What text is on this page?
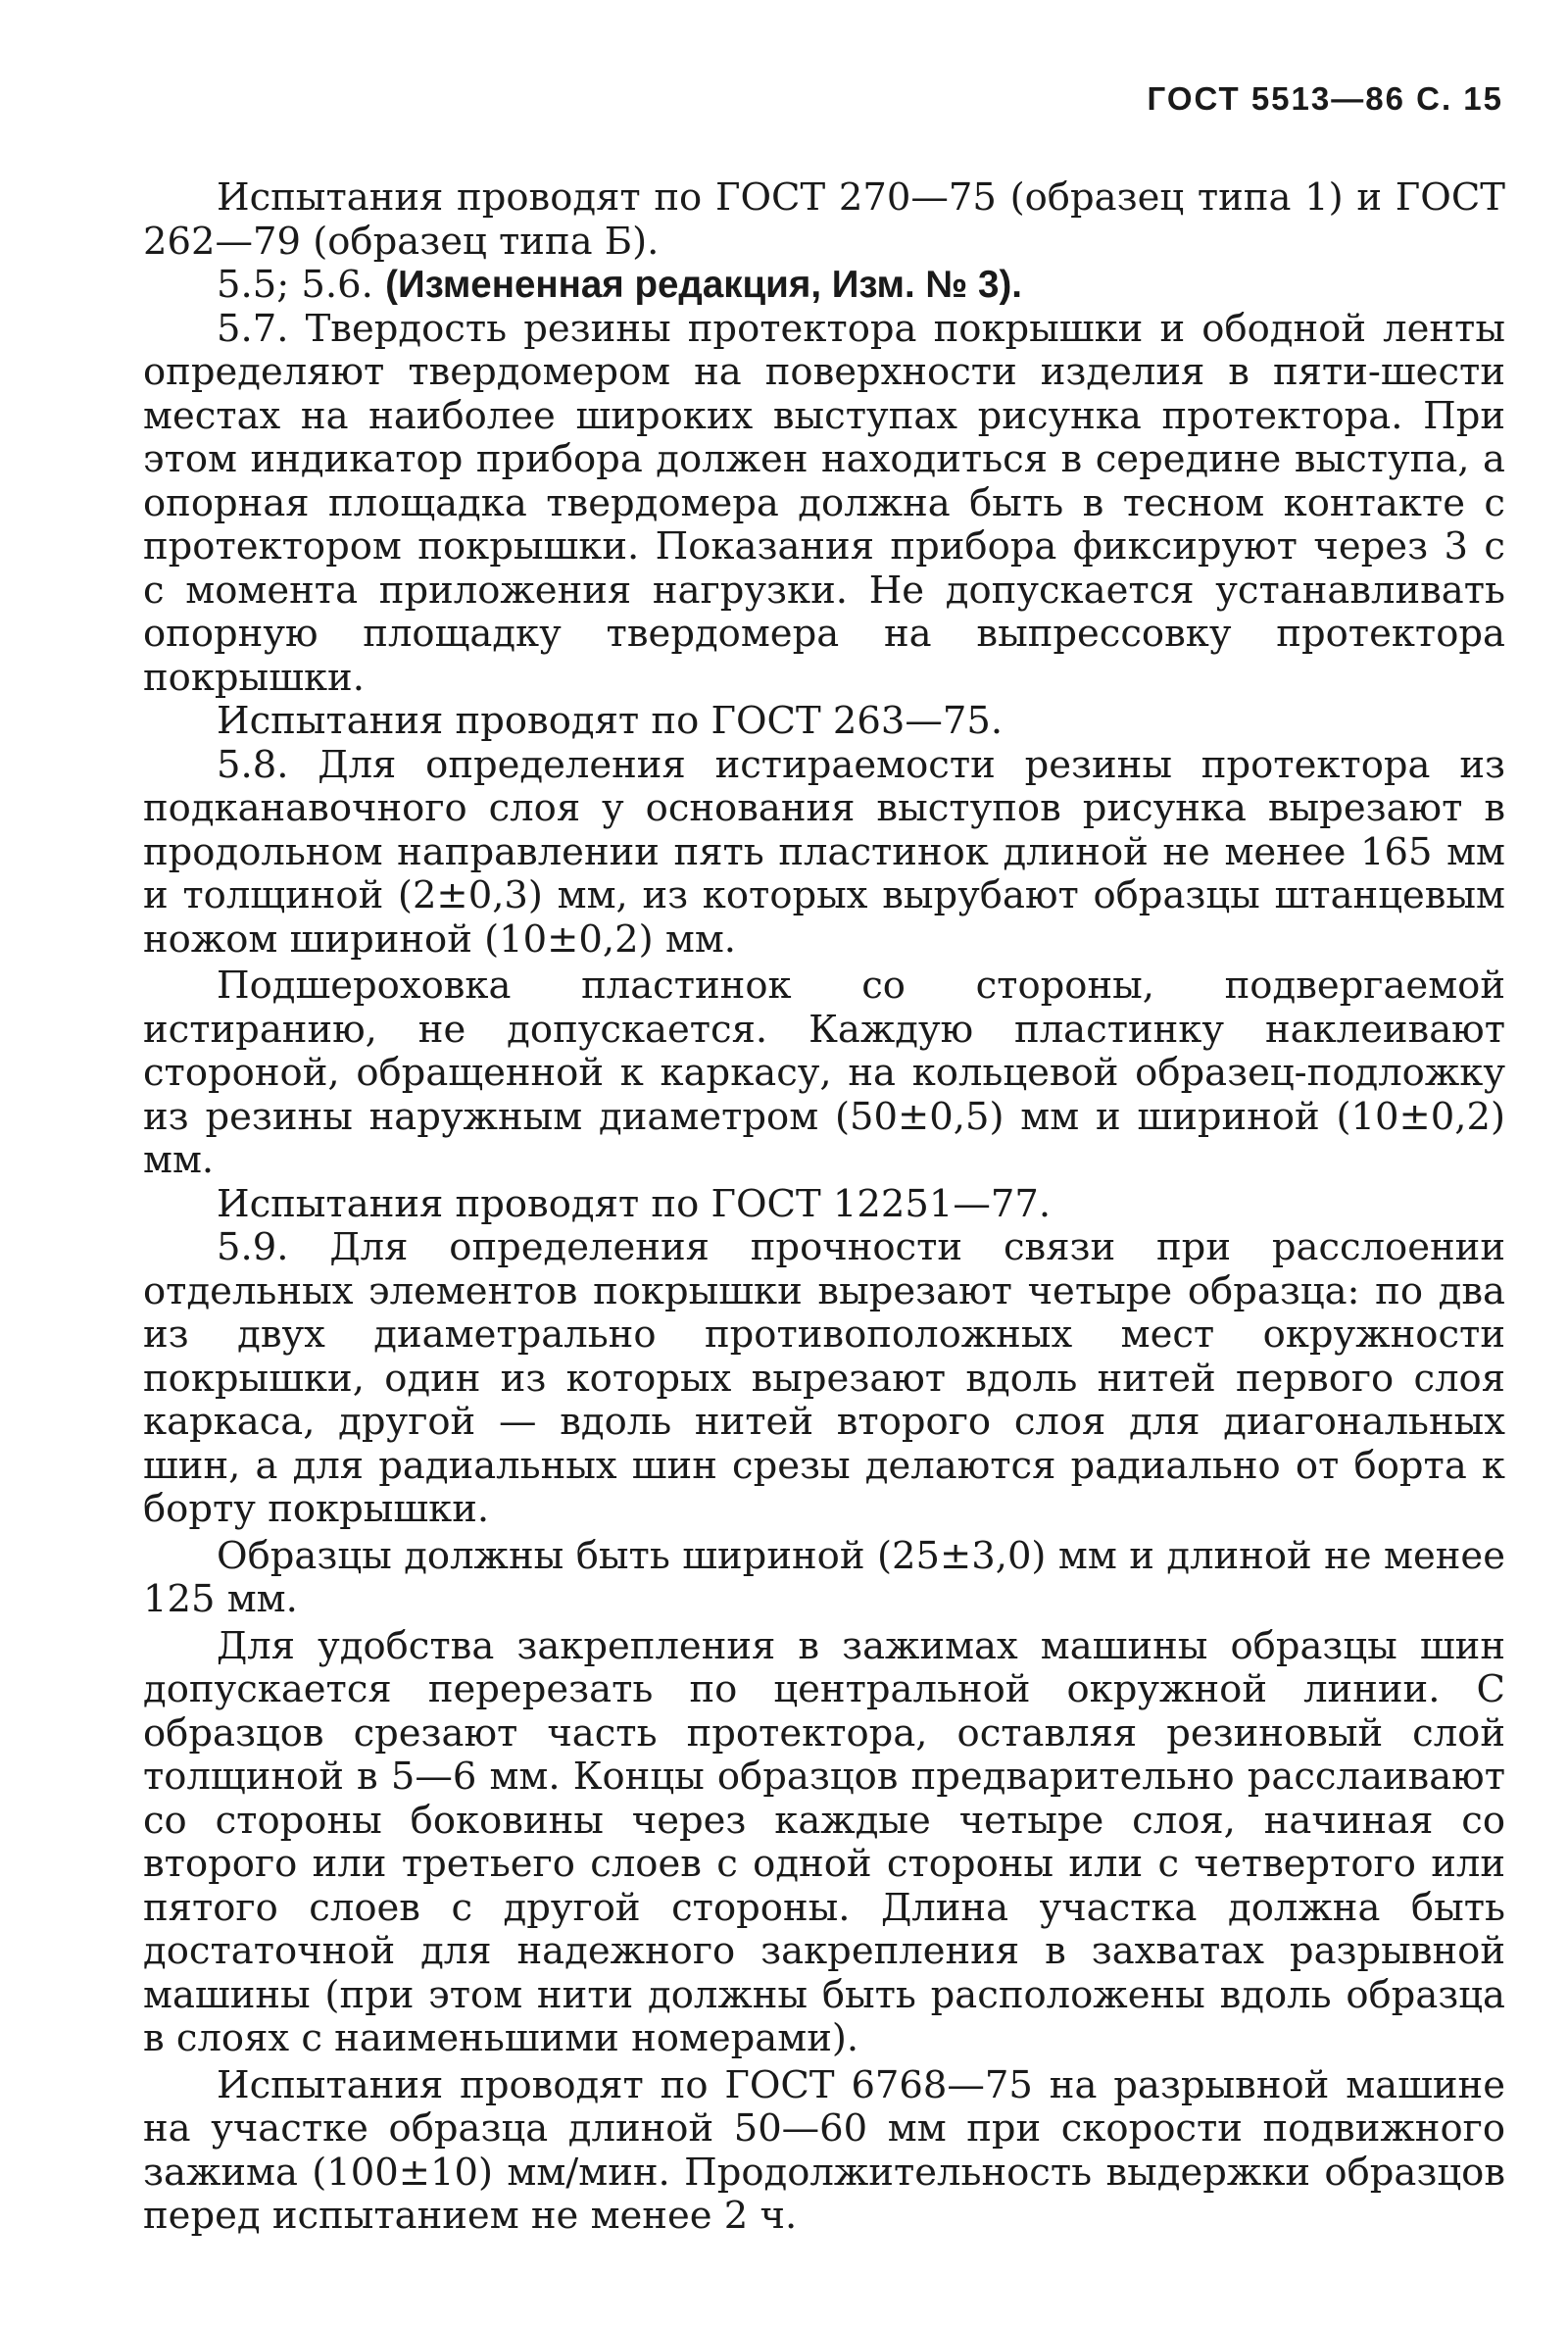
ГОСТ 5513—86 С. 15

Испытания проводят по ГОСТ 270—75 (образец типа 1) и ГОСТ 262—79 (образец типа Б).

5.5; 5.6. (Измененная редакция, Изм. № 3).

5.7. Твердость резины протектора покрышки и ободной ленты определяют твердомером на поверхности изделия в пяти-шести местах на наиболее широких выступах рисунка протектора. При этом индикатор прибора должен находиться в середине выступа, а опорная площадка твердомера должна быть в тесном контакте с протектором покрышки. Показания прибора фиксируют через 3 с с момента приложения нагрузки. Не допускается устанавливать опорную площадку твердомера на выпрессовку протектора покрышки.

Испытания проводят по ГОСТ 263—75.

5.8. Для определения истираемости резины протектора из подканавочного слоя у основания выступов рисунка вырезают в продольном направлении пять пластинок длиной не менее 165 мм и толщиной (2±0,3) мм, из которых вырубают образцы штанцевым ножом шириной (10±0,2) мм.

Подшероховка пластинок со стороны, подвергаемой истиранию, не допускается. Каждую пластинку наклеивают стороной, обращенной к каркасу, на кольцевой образец-подложку из резины наружным диаметром (50±0,5) мм и шириной (10±0,2) мм.

Испытания проводят по ГОСТ 12251—77.

5.9. Для определения прочности связи при расслоении отдельных элементов покрышки вырезают четыре образца: по два из двух диаметрально противоположных мест окружности покрышки, один из которых вырезают вдоль нитей первого слоя каркаса, другой — вдоль нитей второго слоя для диагональных шин, а для радиальных шин срезы делаются радиально от борта к борту покрышки.

Образцы должны быть шириной (25±3,0) мм и длиной не менее 125 мм.

Для удобства закрепления в зажимах машины образцы шин допускается перерезать по центральной окружной линии. С образцов срезают часть протектора, оставляя резиновый слой толщиной в 5—6 мм. Концы образцов предварительно расслаивают со стороны боковины через каждые четыре слоя, начиная со второго или третьего слоев с одной стороны или с четвертого или пятого слоев с другой стороны. Длина участка должна быть достаточной для надежного закрепления в захватах разрывной машины (при этом нити должны быть расположены вдоль образца в слоях с наименьшими номерами).

Испытания проводят по ГОСТ 6768—75 на разрывной машине на участке образца длиной 50—60 мм при скорости подвижного зажима (100±10) мм/мин. Продолжительность выдержки образцов перед испытанием не менее 2 ч.
